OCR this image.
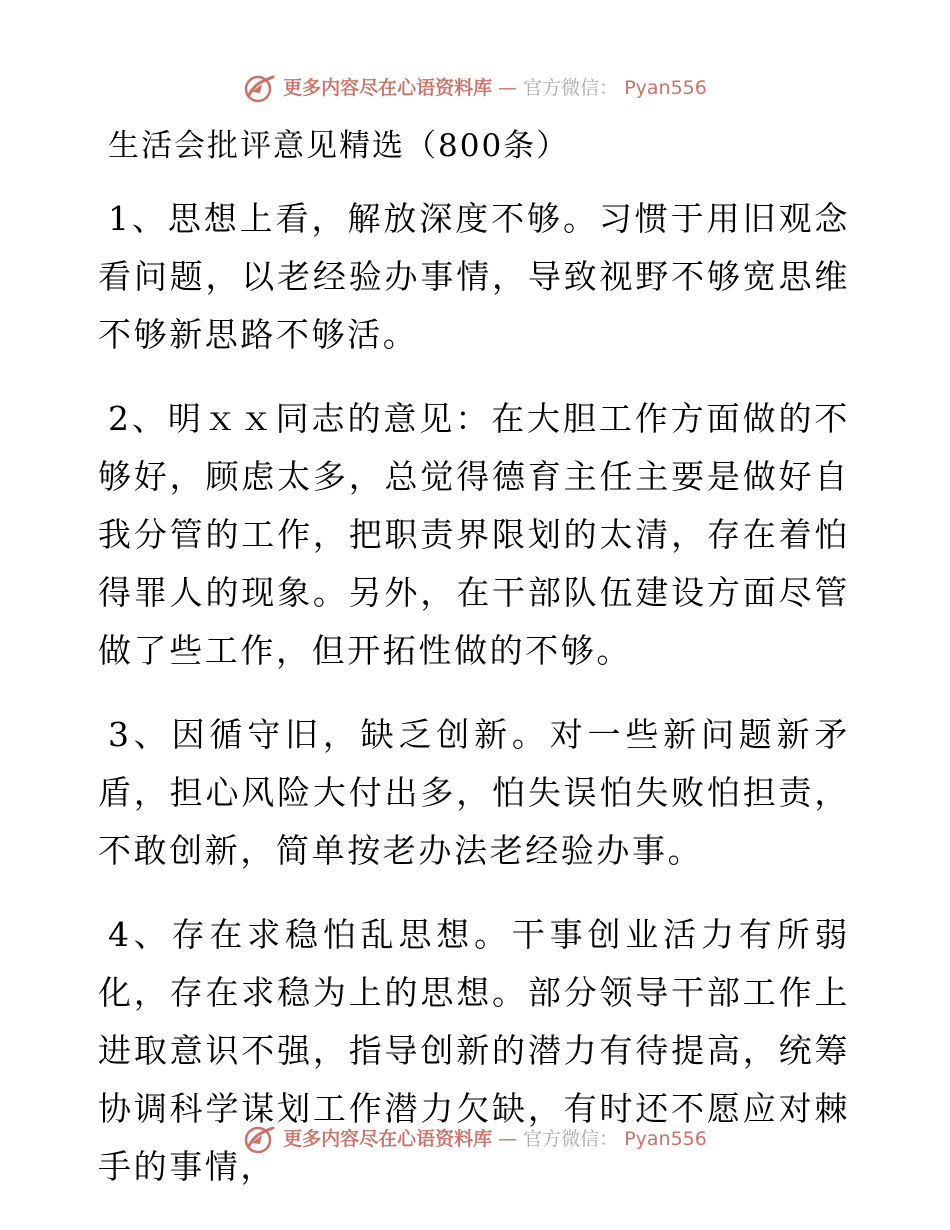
更多内容尽在心语资料库 — 官方微信： Pyan556
生活会批评意见精选（800条）

1、思想上看，解放深度不够。习惯于用旧观念看问题，以老经验办事情，导致视野不够宽思维不够新思路不够活。

2、明ｘｘ同志的意见：在大胆工作方面做的不够好，顾虑太多，总觉得德育主任主要是做好自我分管的工作，把职责界限划的太清，存在着怕得罪人的现象。另外，在干部队伍建设方面尽管做了些工作，但开拓性做的不够。

3、因循守旧，缺乏创新。对一些新问题新矛盾，担心风险大付出多，怕失误怕失败怕担责，不敢创新，简单按老办法老经验办事。

4、存在求稳怕乱思想。干事创业活力有所弱化，存在求稳为上的思想。部分领导干部工作上进取意识不强，指导创新的潜力有待提高，统筹协调科学谋划工作潜力欠缺，有时还不愿应对棘手的事情，

更多内容尽在心语资料库 — 官方微信： Pyan556
